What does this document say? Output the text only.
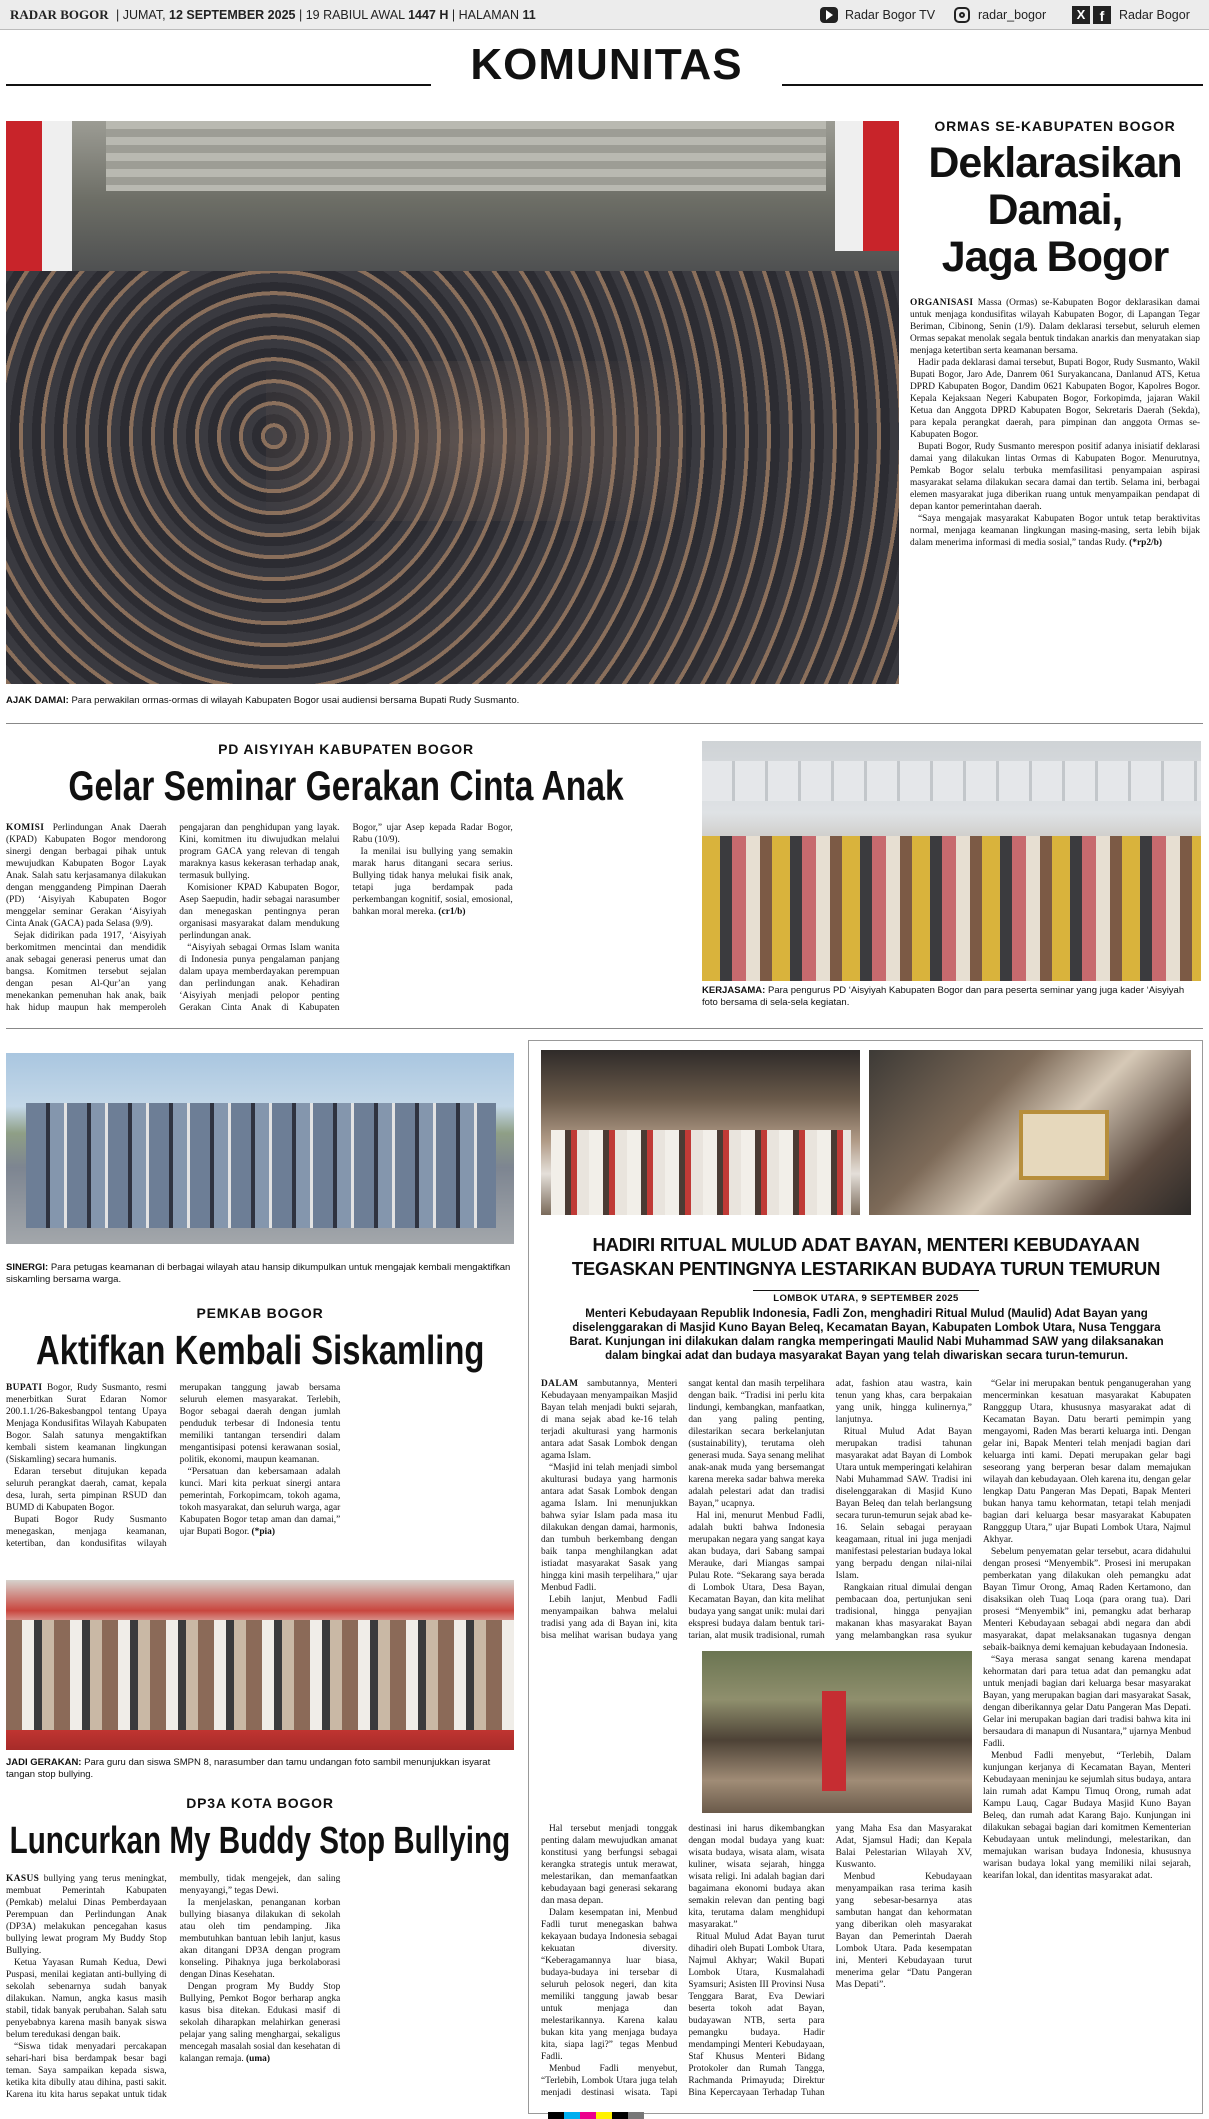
RADAR BOGOR | JUMAT, 12 SEPTEMBER 2025 | 19 RABIUL AWAL 1447 H | HALAMAN 11	Radar Bogor TV	radar_bogor	X	f	Radar Bogor
KOMUNITAS
AJAK DAMAI: Para perwakilan ormas-ormas di wilayah Kabupaten Bogor usai audiensi bersama Bupati Rudy Susmanto.
ORMAS SE-KABUPATEN BOGOR
Deklarasikan
Damai,
Jaga Bogor

ORGANISASI Massa (Ormas) se-Kabupaten Bogor deklarasikan damai untuk menjaga kondusifitas wilayah Kabupaten Bogor, di Lapangan Tegar Beriman, Cibinong, Senin (1/9). Dalam deklarasi tersebut, seluruh elemen Ormas sepakat menolak segala bentuk tindakan anarkis dan menyatakan siap menjaga ketertiban serta keamanan bersama.

Hadir pada deklarasi damai tersebut, Bupati Bogor, Rudy Susmanto, Wakil Bupati Bogor, Jaro Ade, Danrem 061 Suryakancana, Danlanud ATS, Ketua DPRD Kabupaten Bogor, Dandim 0621 Kabupaten Bogor, Kapolres Bogor. Kepala Kejaksaan Negeri Kabupaten Bogor, Forkopimda, jajaran Wakil Ketua dan Anggota DPRD Kabupaten Bogor, Sekretaris Daerah (Sekda), para kepala perangkat daerah, para pimpinan dan anggota Ormas se-Kabupaten Bogor.

Bupati Bogor, Rudy Susmanto merespon positif adanya inisiatif deklarasi damai yang dilakukan lintas Ormas di Kabupaten Bogor. Menurutnya, Pemkab Bogor selalu terbuka memfasilitasi penyampaian aspirasi masyarakat selama dilakukan secara damai dan tertib. Selama ini, berbagai elemen masyarakat juga diberikan ruang untuk menyampaikan pendapat di depan kantor pemerintahan daerah.

“Saya mengajak masyarakat Kabupaten Bogor untuk tetap beraktivitas normal, menjaga keamanan lingkungan masing-masing, serta lebih bijak dalam menerima informasi di media sosial,” tandas Rudy. (*rp2/b)

PD AISYIYAH KABUPATEN BOGOR
Gelar Seminar Gerakan Cinta Anak

KOMISI Perlindungan Anak Daerah (KPAD) Kabupaten Bogor mendorong sinergi dengan berbagai pihak untuk mewujudkan Kabupaten Bogor Layak Anak. Salah satu kerjasamanya dilakukan dengan menggandeng Pimpinan Daerah (PD) ‘Aisyiyah Kabupaten Bogor menggelar seminar Gerakan ‘Aisyiyah Cinta Anak (GACA) pada Selasa (9/9).

Sejak didirikan pada 1917, ‘Aisyiyah berkomitmen mencintai dan mendidik anak sebagai generasi penerus umat dan bangsa. Komitmen tersebut sejalan dengan pesan Al-Qur’an yang menekankan pemenuhan hak anak, baik hak hidup maupun hak memperoleh pengajaran dan penghidupan yang layak. Kini, komitmen itu diwujudkan melalui program GACA yang relevan di tengah maraknya kasus kekerasan terhadap anak, termasuk bullying.

Komisioner KPAD Kabupaten Bogor, Asep Saepudin, hadir sebagai narasumber dan menegaskan pentingnya peran organisasi masyarakat dalam mendukung perlindungan anak.

“Aisyiyah sebagai Ormas Islam wanita di Indonesia punya pengalaman panjang dalam upaya memberdayakan perempuan dan perlindungan anak. Kehadiran ‘Aisyiyah menjadi pelopor penting Gerakan Cinta Anak di Kabupaten Bogor,” ujar Asep kepada Radar Bogor, Rabu (10/9).

Ia menilai isu bullying yang semakin marak harus ditangani secara serius. Bullying tidak hanya melukai fisik anak, tetapi juga berdampak pada perkembangan kognitif, sosial, emosional, bahkan moral mereka. (cr1/b)

KERJASAMA: Para pengurus PD ‘Aisyiyah Kabupaten Bogor dan para peserta seminar yang juga kader ‘Aisyiyah foto bersama di sela-sela kegiatan.
SINERGI: Para petugas keamanan di berbagai wilayah atau hansip dikumpulkan untuk mengajak kembali mengaktifkan siskamling bersama warga.
PEMKAB BOGOR
Aktifkan Kembali Siskamling

BUPATI Bogor, Rudy Susmanto, resmi menerbitkan Surat Edaran Nomor 200.1.1/26-Bakesbangpol tentang Upaya Menjaga Kondusifitas Wilayah Kabupaten Bogor. Salah satunya mengaktifkan kembali sistem keamanan lingkungan (Siskamling) secara humanis.

Edaran tersebut ditujukan kepada seluruh perangkat daerah, camat, kepala desa, lurah, serta pimpinan RSUD dan BUMD di Kabupaten Bogor.

Bupati Bogor Rudy Susmanto menegaskan, menjaga keamanan, ketertiban, dan kondusifitas wilayah merupakan tanggung jawab bersama seluruh elemen masyarakat. Terlebih, Bogor sebagai daerah dengan jumlah penduduk terbesar di Indonesia tentu memiliki tantangan tersendiri dalam mengantisipasi potensi kerawanan sosial, politik, ekonomi, maupun keamanan.

“Persatuan dan kebersamaan adalah kunci. Mari kita perkuat sinergi antara pemerintah, Forkopimcam, tokoh agama, tokoh masyarakat, dan seluruh warga, agar Kabupaten Bogor tetap aman dan damai,” ujar Bupati Bogor. (*pia)

JADI GERAKAN: Para guru dan siswa SMPN 8, narasumber dan tamu undangan foto sambil menunjukkan isyarat tangan stop bullying.
DP3A KOTA BOGOR
Luncurkan My Buddy Stop Bullying

KASUS bullying yang terus meningkat, membuat Pemerintah Kabupaten (Pemkab) melalui Dinas Pemberdayaan Perempuan dan Perlindungan Anak (DP3A) melakukan pencegahan kasus bullying lewat program My Buddy Stop Bullying.

Ketua Yayasan Rumah Kedua, Dewi Puspasi, menilai kegiatan anti-bullying di sekolah sebenarnya sudah banyak dilakukan. Namun, angka kasus masih stabil, tidak banyak perubahan. Salah satu penyebabnya karena masih banyak siswa belum teredukasi dengan baik.

“Siswa tidak menyadari percakapan sehari-hari bisa berdampak besar bagi teman. Saya sampaikan kepada siswa, ketika kita dibully atau dihina, pasti sakit. Karena itu kita harus sepakat untuk tidak membully, tidak mengejek, dan saling menyayangi,” tegas Dewi.

Ia menjelaskan, penanganan korban bullying biasanya dilakukan di sekolah atau oleh tim pendamping. Jika membutuhkan bantuan lebih lanjut, kasus akan ditangani DP3A dengan program konseling. Pihaknya juga berkolaborasi dengan Dinas Kesehatan.

Dengan program My Buddy Stop Bullying, Pemkot Bogor berharap angka kasus bisa ditekan. Edukasi masif di sekolah diharapkan melahirkan generasi pelajar yang saling menghargai, sekaligus mencegah masalah sosial dan kesehatan di kalangan remaja. (uma)

HADIRI RITUAL MULUD ADAT BAYAN, MENTERI KEBUDAYAAN
TEGASKAN PENTINGNYA LESTARIKAN BUDAYA TURUN TEMURUN
LOMBOK UTARA, 9 SEPTEMBER 2025
Menteri Kebudayaan Republik Indonesia, Fadli Zon, menghadiri Ritual Mulud (Maulid) Adat Bayan yang diselenggarakan di Masjid Kuno Bayan Beleq, Kecamatan Bayan, Kabupaten Lombok Utara, Nusa Tenggara Barat. Kunjungan ini dilakukan dalam rangka memperingati Maulid Nabi Muhammad SAW yang dilaksanakan dalam bingkai adat dan budaya masyarakat Bayan yang telah diwariskan secara turun-temurun.

DALAM sambutannya, Menteri Kebudayaan menyampaikan Masjid Bayan telah menjadi bukti sejarah, di mana sejak abad ke-16 telah terjadi akulturasi yang harmonis antara adat Sasak Lombok dengan agama Islam.

“Masjid ini telah menjadi simbol akulturasi budaya yang harmonis antara adat Sasak Lombok dengan agama Islam. Ini menunjukkan bahwa syiar Islam pada masa itu dilakukan dengan damai, harmonis, dan tumbuh berkembang dengan baik tanpa menghilangkan adat istiadat masyarakat Sasak yang hingga kini masih terpelihara,” ujar Menbud Fadli.

Lebih lanjut, Menbud Fadli menyampaikan bahwa melalui tradisi yang ada di Bayan ini, kita bisa melihat warisan budaya yang sangat kental dan masih terpelihara dengan baik. “Tradisi ini perlu kita lindungi, kembangkan, manfaatkan, dan yang paling penting, dilestarikan secara berkelanjutan (sustainability), terutama oleh generasi muda. Saya senang melihat anak-anak muda yang bersemangat karena mereka sadar bahwa mereka adalah pelestari adat dan tradisi Bayan,” ucapnya.

Hal ini, menurut Menbud Fadli, adalah bukti bahwa Indonesia merupakan negara yang sangat kaya akan budaya, dari Sabang sampai Merauke, dari Miangas sampai Pulau Rote. “Sekarang saya berada di Lombok Utara, Desa Bayan, Kecamatan Bayan, dan kita melihat budaya yang sangat unik: mulai dari ekspresi budaya dalam bentuk tari-tarian, alat musik tradisional, rumah adat, fashion atau wastra, kain tenun yang khas, cara berpakaian yang unik, hingga kulinernya,” lanjutnya.

Ritual Mulud Adat Bayan merupakan tradisi tahunan masyarakat adat Bayan di Lombok Utara untuk memperingati kelahiran Nabi Muhammad SAW. Tradisi ini diselenggarakan di Masjid Kuno Bayan Beleq dan telah berlangsung secara turun-temurun sejak abad ke-16. Selain sebagai perayaan keagamaan, ritual ini juga menjadi manifestasi pelestarian budaya lokal yang berpadu dengan nilai-nilai Islam.

Rangkaian ritual dimulai dengan pembacaan doa, pertunjukan seni tradisional, hingga penyajian makanan khas masyarakat Bayan yang melambangkan rasa syukur

Hal tersebut menjadi tonggak penting dalam mewujudkan amanat konstitusi yang berfungsi sebagai kerangka strategis untuk merawat, melestarikan, dan memanfaatkan kebudayaan bagi generasi sekarang dan masa depan.

Dalam kesempatan ini, Menbud Fadli turut menegaskan bahwa kekayaan budaya Indonesia sebagai kekuatan diversity. “Keberagamannya luar biasa, budaya-budaya ini tersebar di seluruh pelosok negeri, dan kita memiliki tanggung jawab besar untuk menjaga dan melestarikannya. Karena kalau bukan kita yang menjaga budaya kita, siapa lagi?” tegas Menbud Fadli.

Menbud Fadli menyebut, “Terlebih, Lombok Utara juga telah menjadi destinasi wisata. Tapi destinasi ini harus dikembangkan dengan modal budaya yang kuat: wisata budaya, wisata alam, wisata kuliner, wisata sejarah, hingga wisata religi. Ini adalah bagian dari bagaimana ekonomi budaya akan semakin relevan dan penting bagi kita, terutama dalam menghidupi masyarakat.”

Ritual Mulud Adat Bayan turut dihadiri oleh Bupati Lombok Utara, Najmul Akhyar; Wakil Bupati Lombok Utara, Kusmalahadi Syamsuri; Asisten III Provinsi Nusa Tenggara Barat, Eva Dewiari beserta tokoh adat Bayan, budayawan NTB, serta para pemangku budaya. Hadir mendampingi Menteri Kebudayaan, Staf Khusus Menteri Bidang Protokoler dan Rumah Tangga, Rachmanda Primayuda; Direktur Bina Kepercayaan Terhadap Tuhan yang Maha Esa dan Masyarakat Adat, Sjamsul Hadi; dan Kepala Balai Pelestarian Wilayah XV, Kuswanto.

Menbud Kebudayaan menyampaikan rasa terima kasih yang sebesar-besarnya atas sambutan hangat dan kehormatan yang diberikan oleh masyarakat Bayan dan Pemerintah Daerah Lombok Utara. Pada kesempatan ini, Menteri Kebudayaan turut menerima gelar “Datu Pangeran Mas Depati”.

“Gelar ini merupakan bentuk penganugerahan yang mencerminkan kesatuan masyarakat Kabupaten Rangggup Utara, khususnya masyarakat adat di Kecamatan Bayan. Datu berarti pemimpin yang mengayomi, Raden Mas berarti keluarga inti. Dengan gelar ini, Bapak Menteri telah menjadi bagian dari keluarga inti kami. Depati merupakan gelar bagi seseorang yang berperan besar dalam memajukan wilayah dan kebudayaan. Oleh karena itu, dengan gelar lengkap Datu Pangeran Mas Depati, Bapak Menteri bukan hanya tamu kehormatan, tetapi telah menjadi bagian dari keluarga besar masyarakat Kabupaten Rangggup Utara,” ujar Bupati Lombok Utara, Najmul Akhyar.

Sebelum penyematan gelar tersebut, acara didahului dengan prosesi “Menyembik”. Prosesi ini merupakan pemberkatan yang dilakukan oleh pemangku adat Bayan Timur Orong, Amaq Raden Kertamono, dan disaksikan oleh Tuaq Loqa (para orang tua). Dari prosesi “Menyembik” ini, pemangku adat berharap Menteri Kebudayaan sebagai abdi negara dan abdi masyarakat, dapat melaksanakan tugasnya dengan sebaik-baiknya demi kemajuan kebudayaan Indonesia.

“Saya merasa sangat senang karena mendapat kehormatan dari para tetua adat dan pemangku adat untuk menjadi bagian dari keluarga besar masyarakat Bayan, yang merupakan bagian dari masyarakat Sasak, dengan diberikannya gelar Datu Pangeran Mas Depati. Gelar ini merupakan bagian dari tradisi bahwa kita ini bersaudara di manapun di Nusantara,” ujarnya Menbud Fadli.

Menbud Fadli menyebut, “Terlebih, Dalam kunjungan kerjanya di Kecamatan Bayan, Menteri Kebudayaan meninjau ke sejumlah situs budaya, antara lain rumah adat Kampu Timuq Orong, rumah adat Kampu Lauq, Cagar Budaya Masjid Kuno Bayan Beleq, dan rumah adat Karang Bajo. Kunjungan ini dilakukan sebagai bagian dari komitmen Kementerian Kebudayaan untuk melindungi, melestarikan, dan memajukan warisan budaya Indonesia, khususnya warisan budaya lokal yang memiliki nilai sejarah, kearifan lokal, dan identitas masyarakat adat.
